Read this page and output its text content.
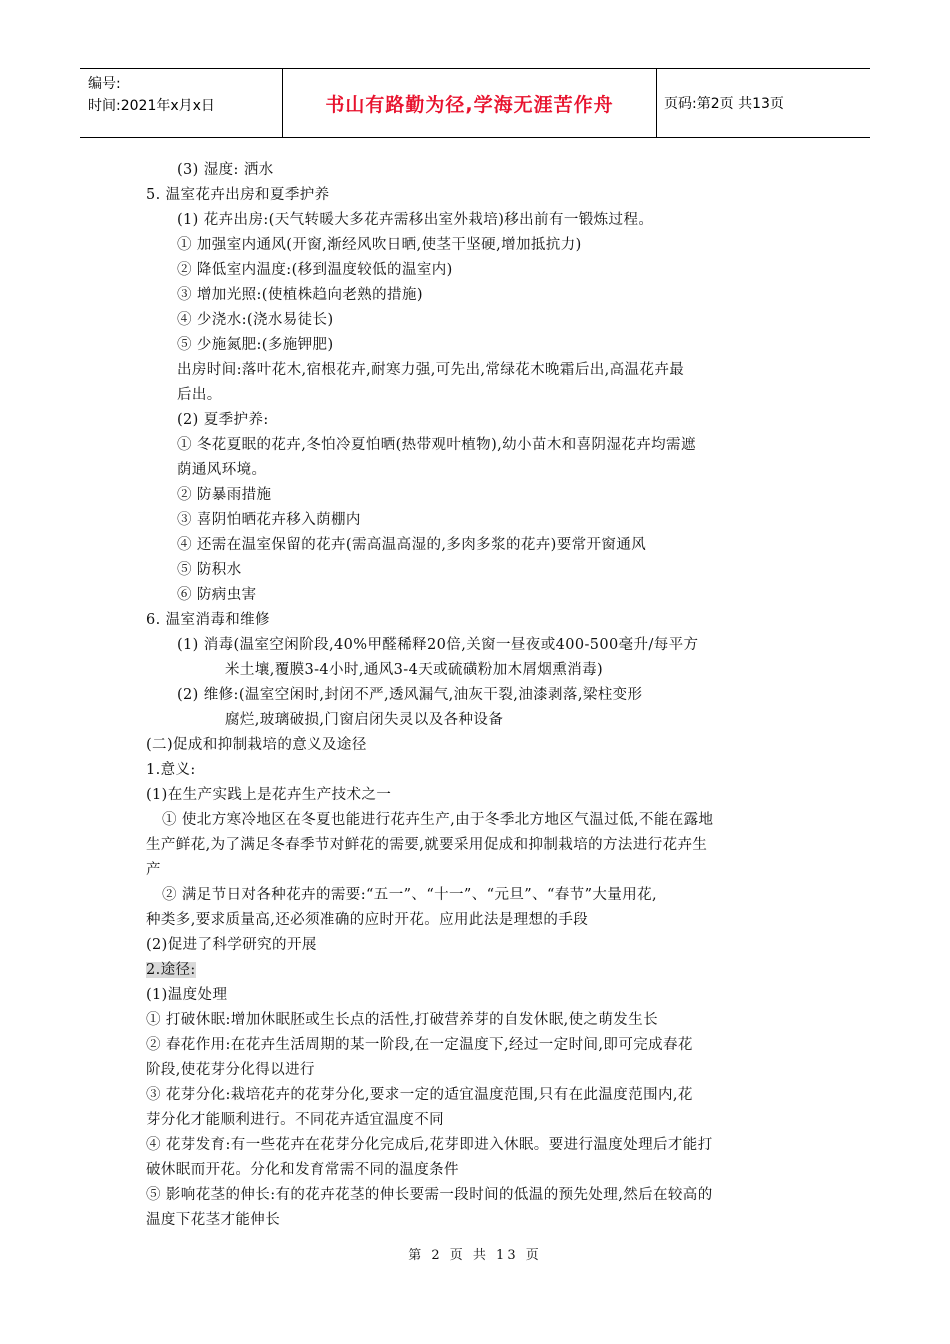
编号:
时间:2021年x月x日	书山有路勤为径,学海无涯苦作舟	页码:第2页 共13页
(3) 湿度: 洒水
5. 温室花卉出房和夏季护养
(1) 花卉出房:(天气转暖大多花卉需移出室外栽培)移出前有一锻炼过程。
① 加强室内通风(开窗,渐经风吹日晒,使茎干坚硬,增加抵抗力)
② 降低室内温度:(移到温度较低的温室内)
③ 增加光照:(使植株趋向老熟的措施)
④ 少浇水:(浇水易徒长)
⑤ 少施氮肥:(多施钾肥)
出房时间:落叶花木,宿根花卉,耐寒力强,可先出,常绿花木晚霜后出,高温花卉最
后出。
(2) 夏季护养:
① 冬花夏眠的花卉,冬怕冷夏怕晒(热带观叶植物),幼小苗木和喜阴湿花卉均需遮
荫通风环境。
② 防暴雨措施
③ 喜阴怕晒花卉移入荫棚内
④ 还需在温室保留的花卉(需高温高湿的,多肉多浆的花卉)要常开窗通风
⑤ 防积水
⑥ 防病虫害
6. 温室消毒和维修
(1) 消毒(温室空闲阶段,40%甲醛稀释20倍,关窗一昼夜或400-500毫升/每平方
米土壤,覆膜3-4小时,通风3-4天或硫磺粉加木屑烟熏消毒)
(2) 维修:(温室空闲时,封闭不严,透风漏气,油灰干裂,油漆剥落,梁柱变形
腐烂,玻璃破损,门窗启闭失灵以及各种设备
(二)促成和抑制栽培的意义及途径
1.意义:
(1)在生产实践上是花卉生产技术之一
① 使北方寒冷地区在冬夏也能进行花卉生产,由于冬季北方地区气温过低,不能在露地
生产鲜花,为了满足冬春季节对鲜花的需要,就要采用促成和抑制栽培的方法进行花卉生
产
② 满足节日对各种花卉的需要:“五一”、“十一”、“元旦”、“春节”大量用花,
种类多,要求质量高,还必须准确的应时开花。应用此法是理想的手段
(2)促进了科学研究的开展
2.途径:
(1)温度处理
① 打破休眠:增加休眠胚或生长点的活性,打破营养芽的自发休眠,使之萌发生长
② 春花作用:在花卉生活周期的某一阶段,在一定温度下,经过一定时间,即可完成春花
阶段,使花芽分化得以进行
③ 花芽分化:栽培花卉的花芽分化,要求一定的适宜温度范围,只有在此温度范围内,花
芽分化才能顺利进行。不同花卉适宜温度不同
④ 花芽发育:有一些花卉在花芽分化完成后,花芽即进入休眠。要进行温度处理后才能打
破休眠而开花。分化和发育常需不同的温度条件
⑤ 影响花茎的伸长:有的花卉花茎的伸长要需一段时间的低温的预先处理,然后在较高的
温度下花茎才能伸长
第 2 页 共 13 页
